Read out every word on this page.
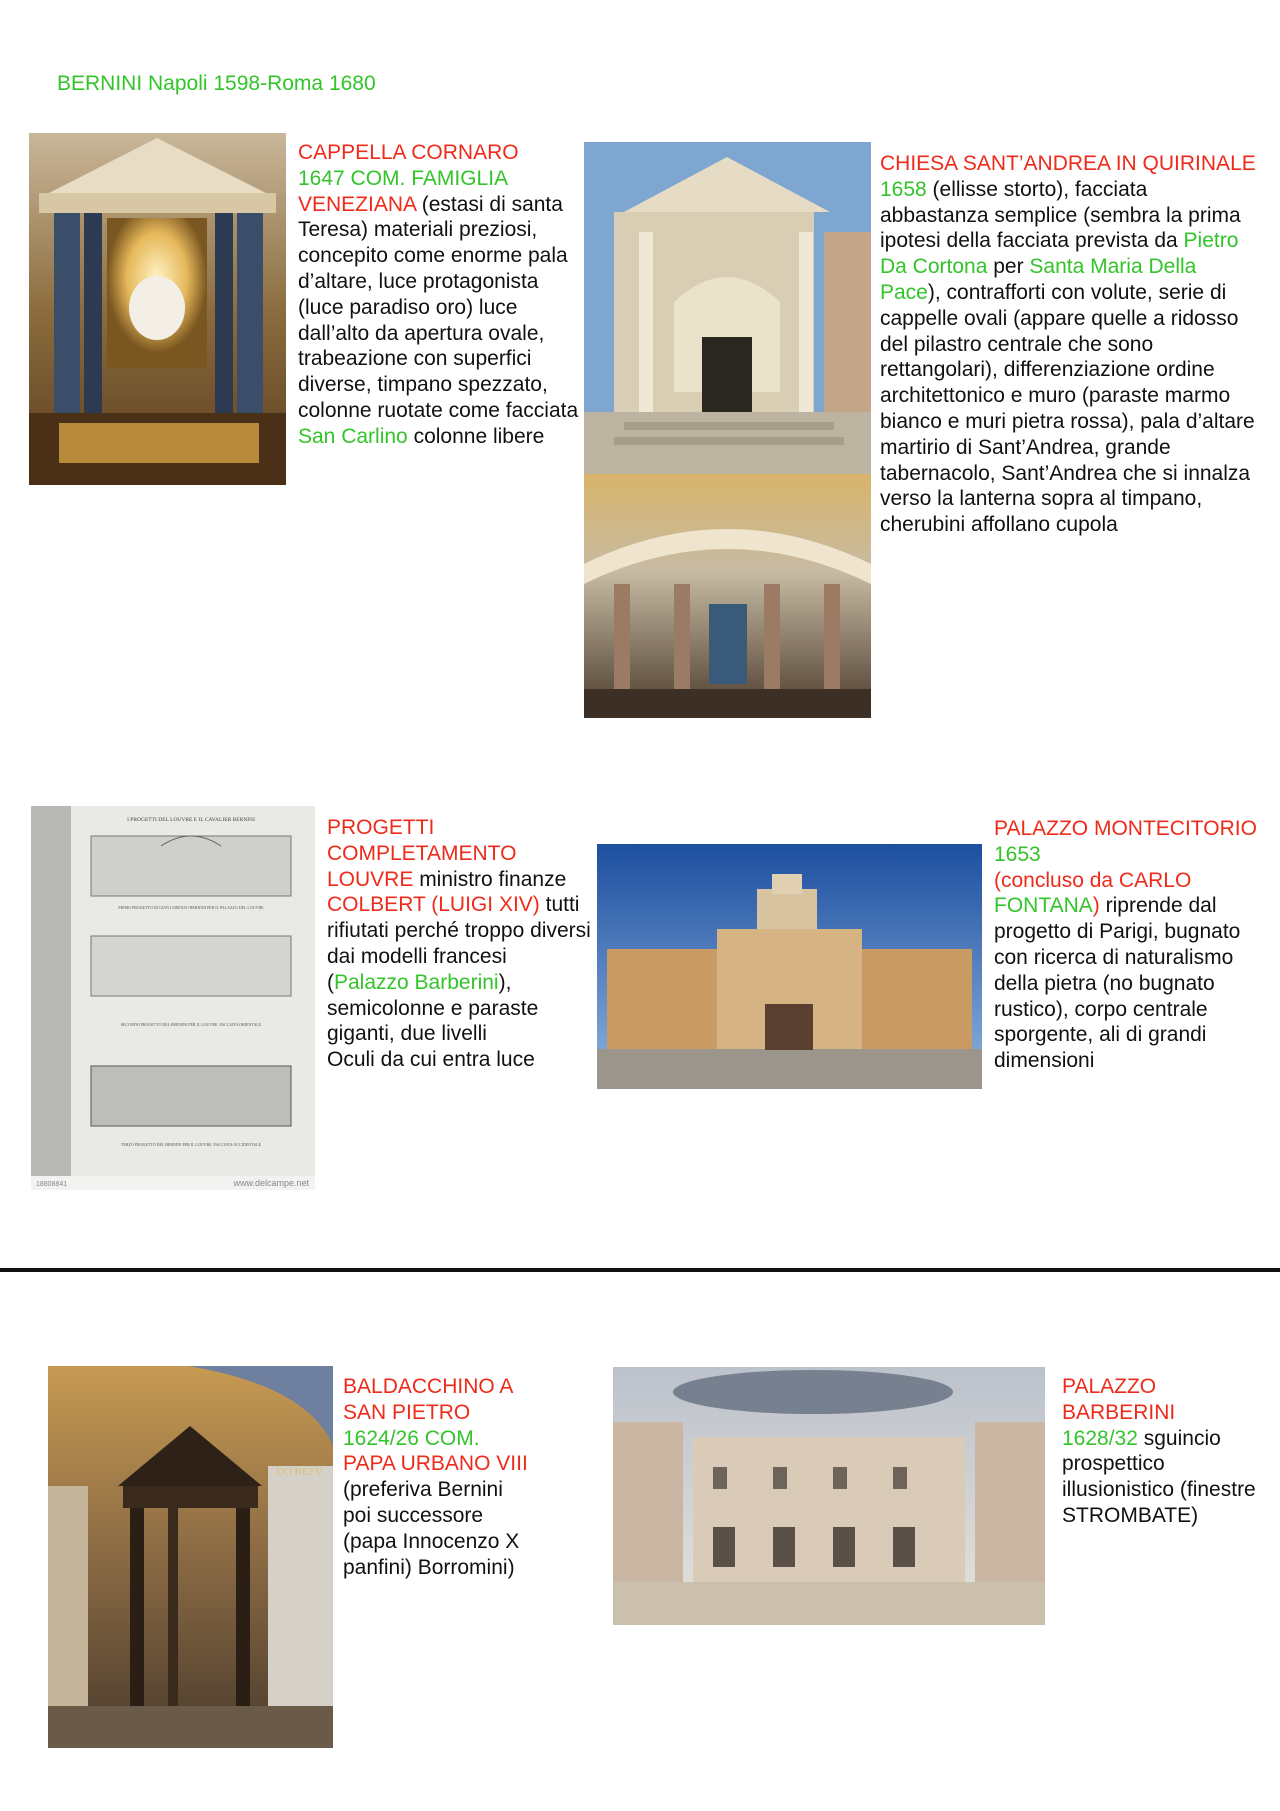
BERNINI Napoli 1598-Roma 1680
CAPPELLA CORNARO
1647 COM. FAMIGLIA
VENEZIANA (estasi di santa Teresa) materiali preziosi, concepito come enorme pala d’altare, luce protagonista (luce paradiso oro) luce dall’alto da apertura ovale, trabeazione con superfici diverse, timpano spezzato, colonne ruotate come facciata San Carlino colonne libere
CHIESA SANT’ANDREA IN QUIRINALE 1658 (ellisse storto), facciata abbastanza semplice (sembra la prima ipotesi della facciata prevista da Pietro Da Cortona per Santa Maria Della Pace), contrafforti con volute, serie di cappelle ovali (appare quelle a ridosso del pilastro centrale che sono rettangolari), differenziazione ordine architettonico e muro (paraste marmo bianco e muri pietra rossa), pala d’altare martirio di Sant’Andrea, grande tabernacolo, Sant’Andrea che si innalza verso la lanterna sopra al timpano, cherubini affollano cupola
I PROGETTI DEL LOUVRE E IL CAVALIER BERNINI
PRIMO PROGETTO DI GIAN LORENZO BERNINI PER IL PALAZZO DEL LOUVRE
SECONDO PROGETTO DEL BERNINI PER IL LOUVRE. FACCIATA ORIENTALE
TERZO PROGETTO DEL BERNINI PER IL LOUVRE. FACCIATA OCCIDENTALE
18808841	www.delcampe.net
PROGETTI COMPLETAMENTO LOUVRE ministro finanze COLBERT (LUIGI XIV) tutti rifiutati perché troppo diversi dai modelli francesi (Palazzo Barberini), semicolonne e paraste giganti, due livelli
Oculi da cui entra luce
PALAZZO MONTECITORIO 1653
(concluso da CARLO
FONTANA) riprende dal progetto di Parigi, bugnato con ricerca di naturalismo della pietra (no bugnato rustico), corpo centrale sporgente, ali di grandi dimensioni
DO REFV
BALDACCHINO A SAN PIETRO
1624/26 COM.
PAPA URBANO VIII (preferiva Bernini poi successore (papa Innocenzo X panfini) Borromini)
PALAZZO BARBERINI
1628/32 sguincio prospettico illusionistico (finestre STROMBATE)
